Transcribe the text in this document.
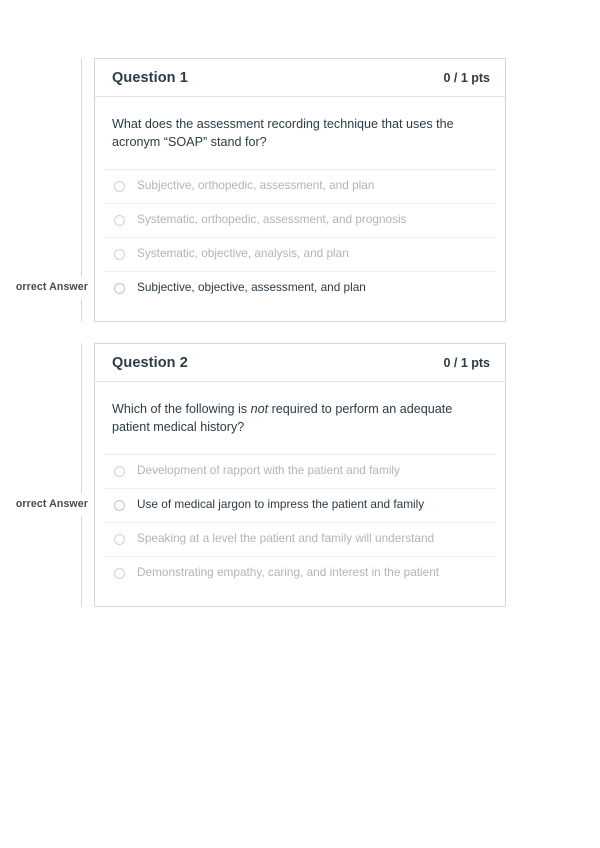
orrect Answer
Question 1	0 / 1 pts
What does the assessment recording technique that uses the acronym “SOAP” stand for?
Subjective, orthopedic, assessment, and plan
Systematic, orthopedic, assessment, and prognosis
Systematic, objective, analysis, and plan
Subjective, objective, assessment, and plan
orrect Answer
Question 2	0 / 1 pts
Which of the following is not required to perform an adequate patient medical history?
Development of rapport with the patient and family
Use of medical jargon to impress the patient and family
Speaking at a level the patient and family will understand
Demonstrating empathy, caring, and interest in the patient
